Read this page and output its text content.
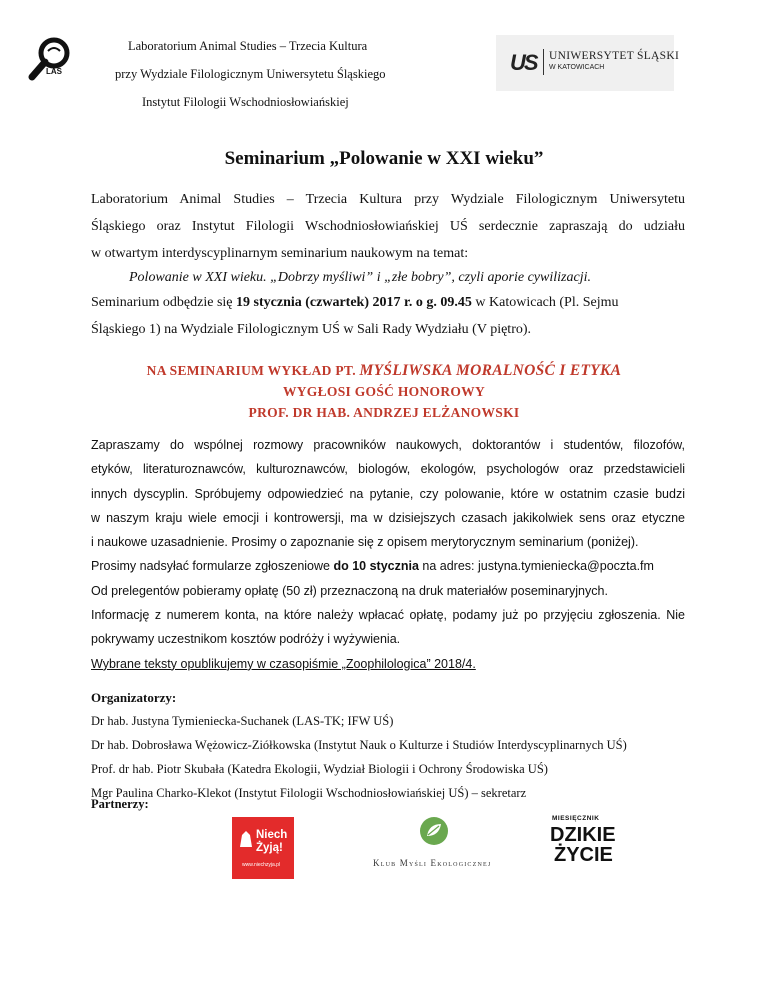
LAS
Laboratorium Animal Studies – Trzecia Kultura
przy Wydziale Filologicznym Uniwersytetu Śląskiego
Instytut Filologii Wschodniosłowiańskiej
US UNIWERSYTET ŚLĄSKI
W KATOWICACH
Seminarium „Polowanie w XXI wieku”
Laboratorium Animal Studies – Trzecia Kultura przy Wydziale Filologicznym Uniwersytetu
Śląskiego oraz Instytut Filologii Wschodniosłowiańskiej UŚ serdecznie zapraszają do udziału
w otwartym interdyscyplinarnym seminarium naukowym na temat:
Polowanie w XXI wieku. „Dobrzy myśliwi” i „złe bobry”, czyli aporie cywilizacji.
Seminarium odbędzie się 19 stycznia (czwartek) 2017 r. o g. 09.45 w Katowicach (Pl. Sejmu
Śląskiego 1) na Wydziale Filologicznym UŚ w Sali Rady Wydziału (V piętro).
NA SEMINARIUM WYKŁAD PT. MYŚLIWSKA MORALNOŚĆ I ETYKA
WYGŁOSI GOŚĆ HONOROWY
PROF. DR HAB. ANDRZEJ ELŻANOWSKI
Zapraszamy do wspólnej rozmowy pracowników naukowych, doktorantów i studentów, filozofów,
etyków, literaturoznawców, kulturoznawców, biologów, ekologów, psychologów oraz przedstawicieli
innych dyscyplin. Spróbujemy odpowiedzieć na pytanie, czy polowanie, które w ostatnim czasie budzi
w naszym kraju wiele emocji i kontrowersji, ma w dzisiejszych czasach jakikolwiek sens oraz etyczne
i naukowe uzasadnienie. Prosimy o zapoznanie się z opisem merytorycznym seminarium (poniżej).
Prosimy nadsyłać formularze zgłoszeniowe do 10 stycznia na adres: justyna.tymieniecka@poczta.fm
Od prelegentów pobieramy opłatę (50 zł) przeznaczoną na druk materiałów poseminaryjnych.
Informację z numerem konta, na które należy wpłacać opłatę, podamy już po przyjęciu zgłoszenia. Nie
pokrywamy uczestnikom kosztów podróży i wyżywienia.
Wybrane teksty opublikujemy w czasopiśmie „Zoophilologica” 2018/4.
Organizatorzy:
Dr hab. Justyna Tymieniecka-Suchanek (LAS-TK; IFW UŚ)
Dr hab. Dobrosława Wężowicz-Ziółkowska (Instytut Nauk o Kulturze i Studiów Interdyscyplinarnych UŚ)
Prof. dr hab. Piotr Skubała (Katedra Ekologii, Wydział Biologii i Ochrony Środowiska UŚ)
Mgr Paulina Charko-Klekot (Instytut Filologii Wschodniosłowiańskiej UŚ) – sekretarz
Partnerzy:
Niech
Żyją!
www.niechzyja.pl	Klub Myśli Ekologicznej
MIESIĘCZNIK
DZIKIE
ŻYCIE
